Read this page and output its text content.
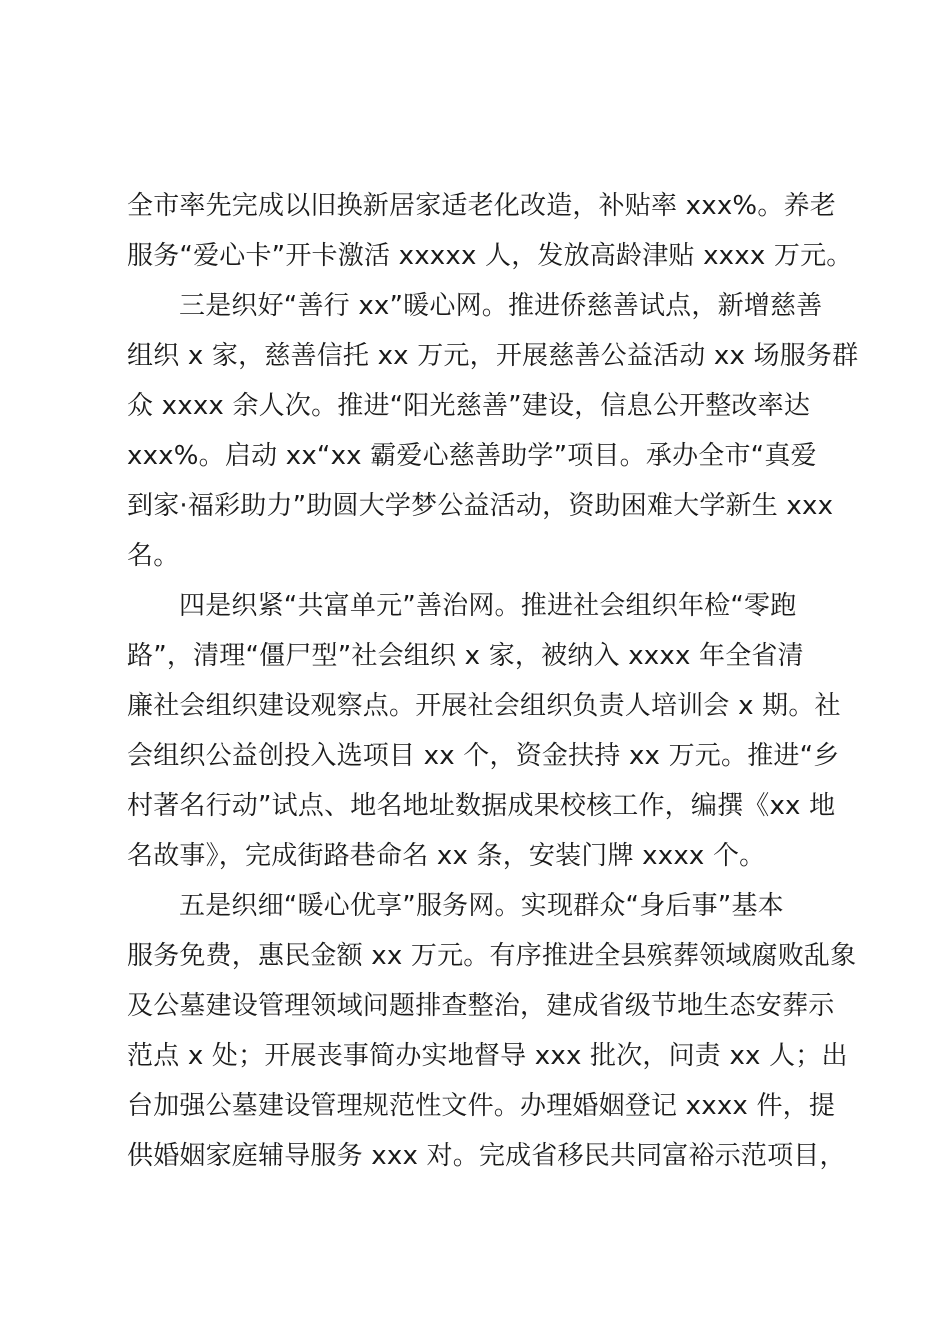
全市率先完成以旧换新居家适老化改造，补贴率 xxx%。养老
服务“爱心卡”开卡激活 xxxxx 人，发放高龄津贴 xxxx 万元。
三是织好“善行 xx”暖心网。推进侨慈善试点，新增慈善
组织 x 家，慈善信托 xx 万元，开展慈善公益活动 xx 场服务群
众 xxxx 余人次。推进“阳光慈善”建设，信息公开整改率达
xxx%。启动 xx“xx 霸爱心慈善助学”项目。承办全市“真爱
到家·福彩助力”助圆大学梦公益活动，资助困难大学新生 xxx
名。
四是织紧“共富单元”善治网。推进社会组织年检“零跑
路”，清理“僵尸型”社会组织 x 家，被纳入 xxxx 年全省清
廉社会组织建设观察点。开展社会组织负责人培训会 x 期。社
会组织公益创投入选项目 xx 个，资金扶持 xx 万元。推进“乡
村著名行动”试点、地名地址数据成果校核工作，编撰《xx 地
名故事》，完成街路巷命名 xx 条，安装门牌 xxxx 个。
五是织细“暖心优享”服务网。实现群众“身后事”基本
服务免费，惠民金额 xx 万元。有序推进全县殡葬领域腐败乱象
及公墓建设管理领域问题排查整治，建成省级节地生态安葬示
范点 x 处；开展丧事简办实地督导 xxx 批次，问责 xx 人；出
台加强公墓建设管理规范性文件。办理婚姻登记 xxxx 件，提
供婚姻家庭辅导服务 xxx 对。完成省移民共同富裕示范项目，
